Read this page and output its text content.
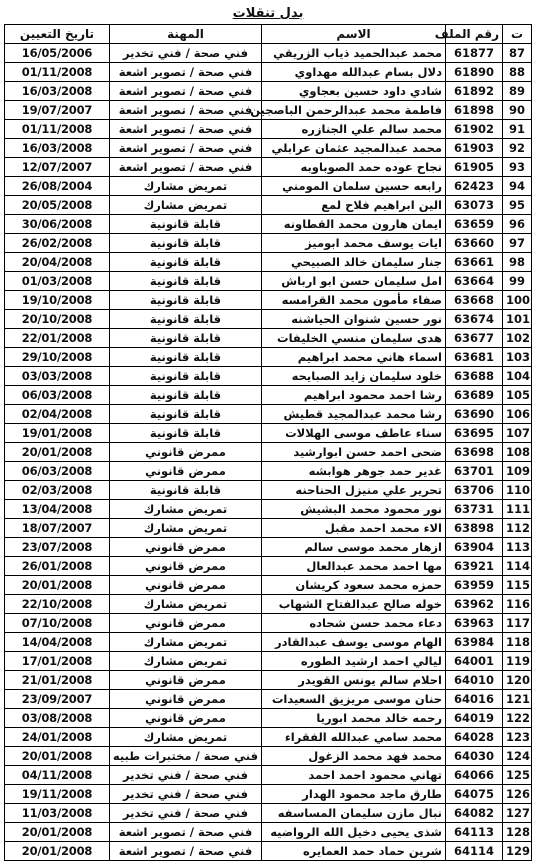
بدل تنقلات
ت	رقم الملف	الاسم	المهنة	تاريخ التعيين
87	61877	محمد عبدالحميد ذياب الزريقي	فني صحة / فني تخدير	16/05/2006
88	61890	دلال بسام عبدالله مهداوي	فني صحة / تصوير اشعة	01/11/2008
89	61892	شادي داود حسين بعجاوي	فني صحة / تصوير اشعة	16/03/2008
90	61898	فاطمة محمد عبدالرحمن الباصجين	فني صحة / تصوير اشعة	19/07/2007
91	61902	محمد سالم علي الجنازره	فني صحة / تصوير اشعة	01/11/2008
92	61903	محمد عبدالمجيد عثمان عرابلي	فني صحة / تصوير اشعة	16/03/2008
93	61905	نجاح عوده حمد الصوباوبه	فني صحة / تصوير اشعة	12/07/2007
94	62423	رابعه حسين سلمان المومني	تمريض مشارك	26/08/2004
95	63073	الين ابراهيم فلاح لمع	تمريض مشارك	20/05/2008
96	63659	ايمان هارون محمد القطاونه	قابلة قانونية	30/06/2008
97	63660	ايات يوسف محمد ابوميز	قابلة قانونية	26/02/2008
98	63661	جنار سليمان خالد الصبيحي	قابلة قانونية	20/04/2008
99	63664	امل سليمان حسن ابو ارباش	قابلة قانونية	01/03/2008
100	63668	صفاء مأمون محمد القرامسه	قابلة قانونية	19/10/2008
101	63674	نور حسين شنوان الحياشنه	قابلة قانونية	20/10/2008
102	63677	هدى سليمان منسي الخليفات	قابلة قانونية	22/01/2008
103	63681	اسماء هاني محمد ابراهيم	قابلة قانونية	29/10/2008
104	63688	خلود سليمان زايد الصبايحه	قابلة قانونية	03/03/2008
105	63689	رشا احمد محمود ابراهيم	قابلة قانونية	06/03/2008
106	63690	رشا محمد عبدالمجيد قطيش	قابلة قانونية	02/04/2008
107	63695	سناء عاطف موسى الهلالات	قابلة قانونية	19/01/2008
108	63698	ضحى احمد حسن ابوارشيد	ممرض قانوني	20/01/2008
109	63701	غدير حمد جوهر هوابشه	ممرض قانوني	06/03/2008
110	63706	تحرير علي منيزل الحناحنه	قابلة قانونية	02/03/2008
111	63731	نور محمود محمد البشيش	تمريض مشارك	13/04/2008
112	63898	الاء محمد احمد مقبل	تمريض مشارك	18/07/2007
113	63904	ازهار محمد موسى سالم	ممرض قانوني	23/07/2008
114	63921	مها احمد محمد عبدالعال	ممرض قانوني	26/01/2008
115	63959	حمزه محمد سعود كريشان	ممرض قانوني	20/01/2008
116	63962	خوله صالح عبدالفتاح الشهاب	تمريض مشارك	22/10/2008
117	63963	دعاء محمد حسن شحاده	ممرض قانوني	07/10/2008
118	63984	الهام موسى يوسف عبدالقادر	تمريض مشارك	14/04/2008
119	64001	ليالي احمد ارشيد الطوره	تمريض مشارك	17/01/2008
120	64010	احلام سالم يونس القويدر	ممرض قانوني	21/01/2008
121	64016	حنان موسى مريزيق السعيدات	ممرض قانوني	23/09/2007
122	64019	رحمه خالد محمد ابوريا	ممرض قانوني	03/08/2008
123	64028	محمد سامي عبدالله الفقراء	تمريض مشارك	24/01/2008
124	64030	محمد فهد محمد الزغول	فني صحة / مختبرات طبيه	20/01/2008
125	64066	تهاني محمود احمد احمد	فني صحة / فني تخدير	04/11/2008
126	64075	طارق ماجد محمود الهدار	فني صحة / فني تخدير	19/11/2008
127	64082	نبال مازن سليمان المساسفه	فني صحة / فني تخدير	11/03/2008
128	64113	شذى يحيى دخيل الله الرواضيه	فني صحة / تصوير اشعة	20/01/2008
129	64114	شرين حماد حمد العمايره	فني صحة / تصوير اشعة	20/01/2008
